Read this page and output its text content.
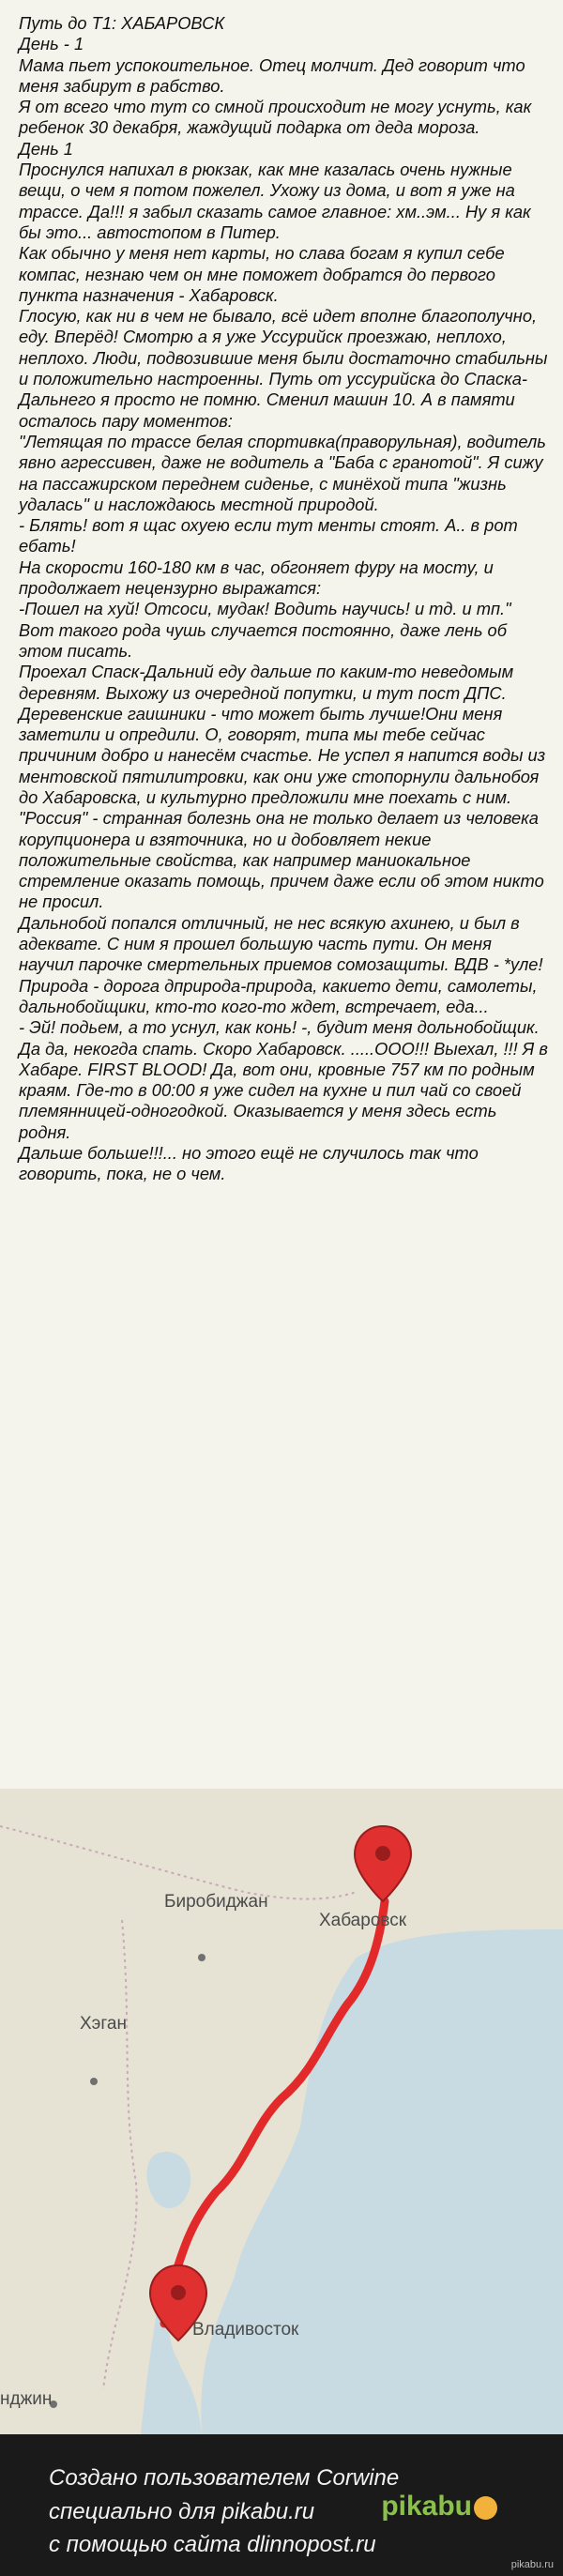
Путь до Т1: ХАБАРОВСК

День - 1

Мама пьет успокоительное. Отец молчит. Дед говорит что меня забирут в рабство.

Я от всего что тут со смной происходит не могу уснуть, как ребенок 30 декабря, жаждущий подарка от деда мороза.

День 1

Проснулся напихал в рюкзак, как мне казалась очень нужные вещи, о чем я потом пожелел. Ухожу из дома, и вот я уже на трассе. Да!!! я забыл сказать самое главное: хм..эм... Ну я как бы это... автостопом в Питер.

Как обычно у меня нет карты, но слава богам я купил себе компас, незнаю чем он мне поможет добратся до первого пункта назначения - Хабаровск.

Глосую, как ни в чем не бывало, всё идет вполне благополучно, еду. Вперёд! Смотрю а я уже Уссурийск проезжаю, неплохо, неплохо. Люди, подвозившие меня были достаточно стабильны и положительно настроенны. Путь от уссурийска до Спаска-Дальнего я просто не помню. Сменил машин 10. А в памяти осталось пару моментов:

"Летящая по трассе белая спортивка(праворульная), водитель явно агрессивен, даже не водитель а "Баба с гранотой". Я сижу на пассажирском переднем сиденье, с минёхой типа "жизнь удалась" и наслождаюсь местной природой.

- Блять! вот я щас охуею если тут менты стоят. А.. в рот ебать!

На скорости 160-180 км в час, обгоняет фуру на мосту, и продолжает нецензурно выражатся:

-Пошел на хуй! Отсоси, мудак! Водить научись! и тд. и тп."

Вот такого рода чушь случается постоянно, даже лень об этом писать.

Проехал Спаск-Дальний еду дальше по каким-то неведомым деревням. Выхожу из очередной попутки, и тут пост ДПС.

Деревенские гаишники - что может быть лучше!Они меня заметили и опредили. О, говорят, типа мы тебе сейчас причиним добро и нанесём счастье. Не успел я напится воды из ментовской пятилитровки, как они уже стопорнули дальнобоя до Хабаровска, и культурно предложили мне поехать с ним.

"Россия" - странная болезнь она не только делает из человека корупционера и взяточника, но и добовляет некие положительные свойства, как например маниокальное стремление оказать помощь, причем даже если об этом никто не просил.

Дальнобой попался отличный, не нес всякую ахинею, и был в адеквате. С ним я прошел большую часть пути. Он меня научил парочке смертельных приемов сомозащиты. ВДВ - *уле!

Природа - дорога дприрода-природа, какието дети, самолеты, дальнобойщики, кто-то кого-то ждет, встречает, еда...

- Эй! подьем, а то уснул, как конь! -, будит меня дольнобойщик. Да да, некогда спать. Скоро Хабаровск. .....ООО!!! Выехал, !!! Я в Хабаре. FIRST BLOOD! Да, вот они, кровные 757 км по родным краям. Где-то в 00:00 я уже сидел на кухне и пил чай со своей племянницей-одногодкой. Оказывается у меня здесь есть родня.

Дальше больше!!!... но этого ещё не случилось так что говорить, пока, не о чем.

Биробиджан
Хабаровск
Хэган
Владивосток
нджин
Создано пользователем Corwine
специально для pikabu.ru
с помощью сайта dlinnopost.ru
pikabu
pikabu.ru
